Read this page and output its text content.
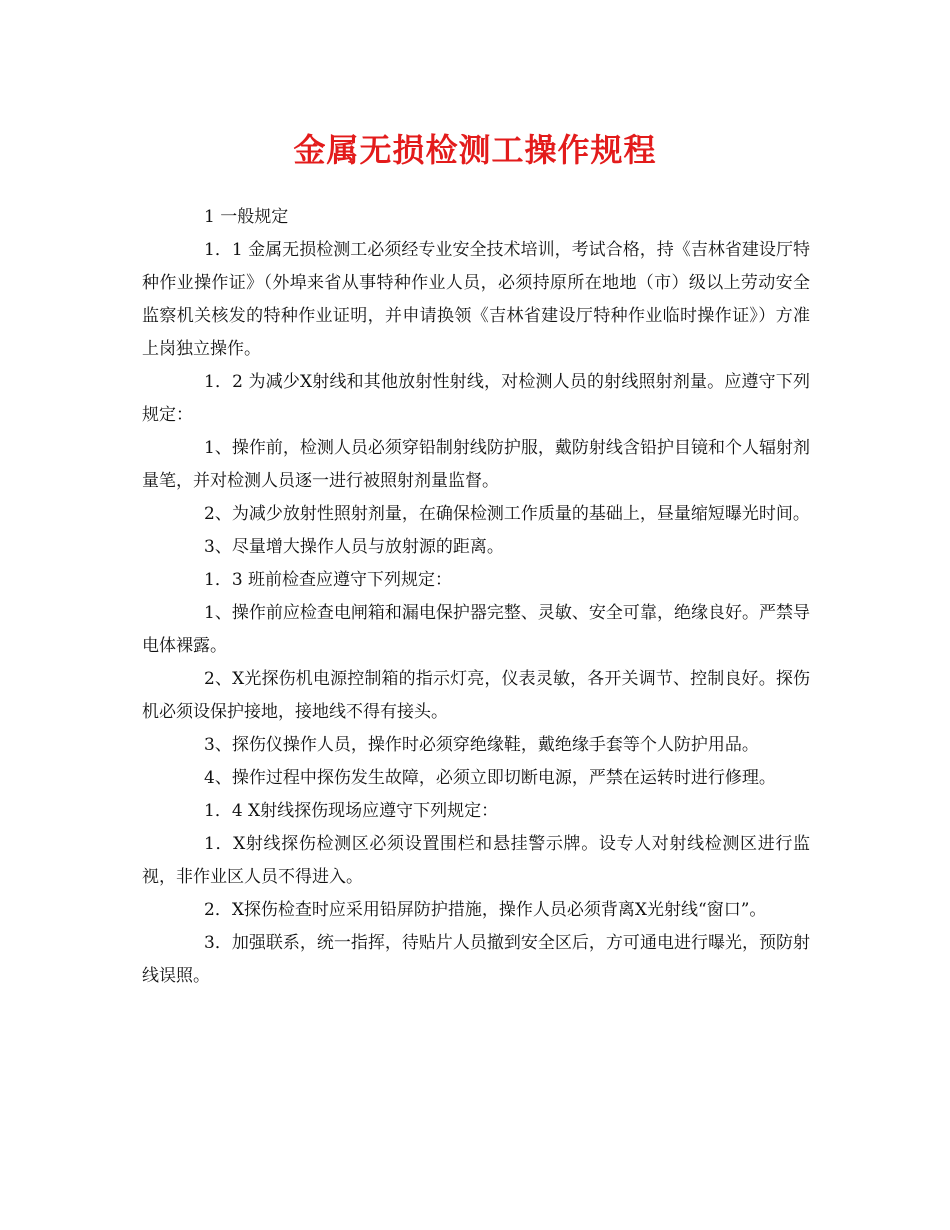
金属无损检测工操作规程

1 一般规定

1．1 金属无损检测工必须经专业安全技术培训，考试合格，持《吉林省建设厅特种作业操作证》（外埠来省从事特种作业人员，必须持原所在地地（市）级以上劳动安全监察机关核发的特种作业证明，并申请换领《吉林省建设厅特种作业临时操作证》）方准上岗独立操作。

1．2 为减少X射线和其他放射性射线，对检测人员的射线照射剂量。应遵守下列规定：

1、操作前，检测人员必须穿铅制射线防护服，戴防射线含铅护目镜和个人辐射剂量笔，并对检测人员逐一进行被照射剂量监督。

2、为减少放射性照射剂量，在确保检测工作质量的基础上，昼量缩短曝光时间。

3、尽量增大操作人员与放射源的距离。

1．3 班前检查应遵守下列规定：

1、操作前应检查电闸箱和漏电保护器完整、灵敏、安全可靠，绝缘良好。严禁导电体裸露。

2、X光探伤机电源控制箱的指示灯亮，仪表灵敏，各开关调节、控制良好。探伤机必须设保护接地，接地线不得有接头。

3、探伤仪操作人员，操作时必须穿绝缘鞋，戴绝缘手套等个人防护用品。

4、操作过程中探伤发生故障，必须立即切断电源，严禁在运转时进行修理。

1．4 X射线探伤现场应遵守下列规定：

1．X射线探伤检测区必须设置围栏和悬挂警示牌。设专人对射线检测区进行监视，非作业区人员不得进入。

2．X探伤检查时应采用铅屏防护措施，操作人员必须背离X光射线“窗口”。

3．加强联系，统一指挥，待贴片人员撤到安全区后，方可通电进行曝光，预防射线误照。
